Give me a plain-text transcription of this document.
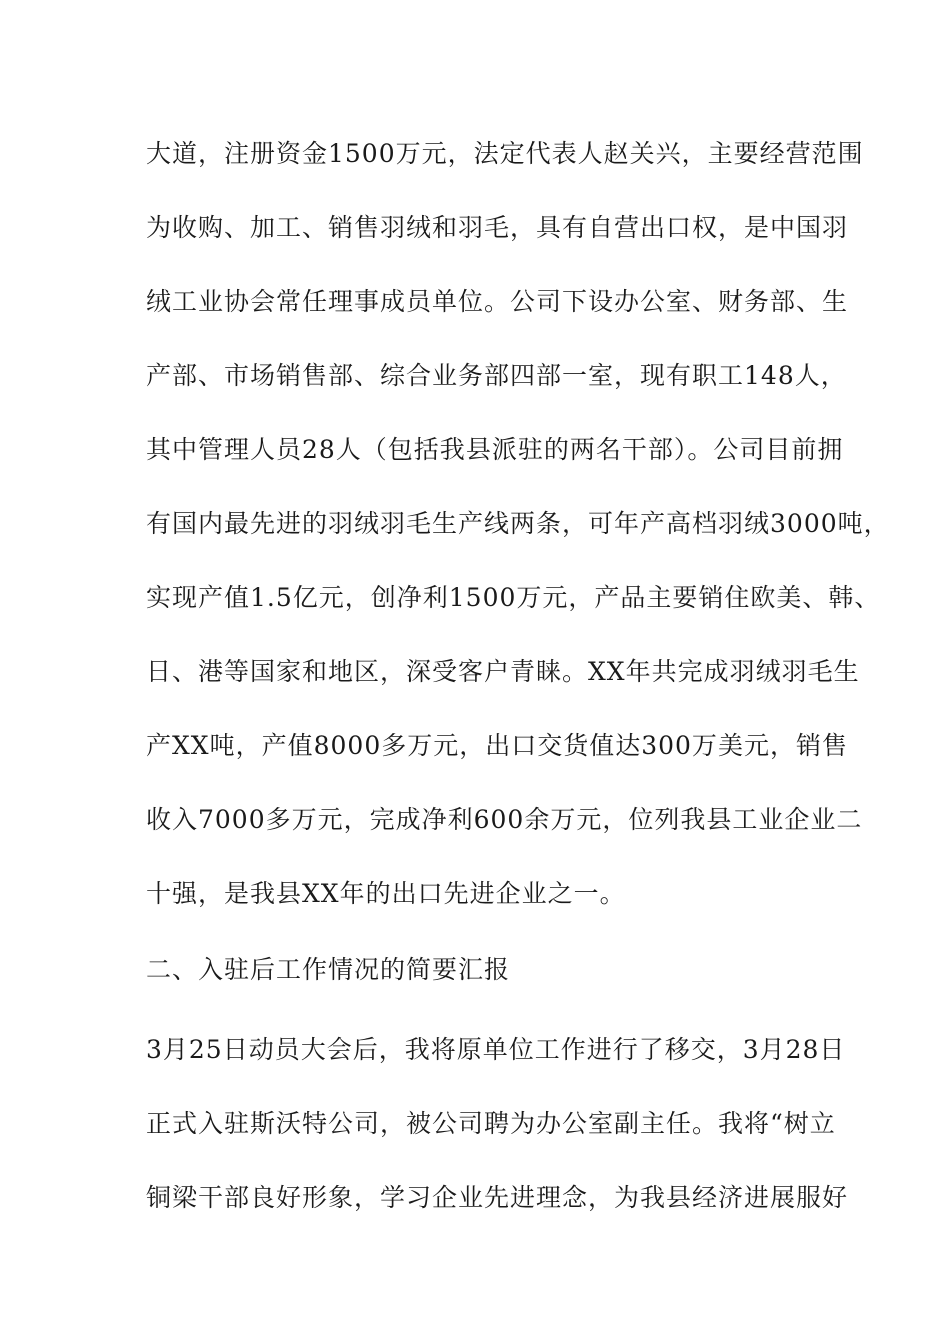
大道，注册资金1500万元，法定代表人赵关兴，主要经营范围
为收购、加工、销售羽绒和羽毛，具有自营出口权，是中国羽
绒工业协会常任理事成员单位。公司下设办公室、财务部、生
产部、市场销售部、综合业务部四部一室，现有职工148人，
其中管理人员28人（包括我县派驻的两名干部）。公司目前拥
有国内最先进的羽绒羽毛生产线两条，可年产高档羽绒3000吨，
实现产值1.5亿元，创净利1500万元，产品主要销住欧美、韩、
日、港等国家和地区，深受客户青睐。XX年共完成羽绒羽毛生
产XX吨，产值8000多万元，出口交货值达300万美元，销售
收入7000多万元，完成净利600余万元，位列我县工业企业二
十强，是我县XX年的出口先进企业之一。
二、入驻后工作情况的简要汇报
3月25日动员大会后，我将原单位工作进行了移交，3月28日
正式入驻斯沃特公司，被公司聘为办公室副主任。我将“树立
铜梁干部良好形象，学习企业先进理念，为我县经济进展服好
